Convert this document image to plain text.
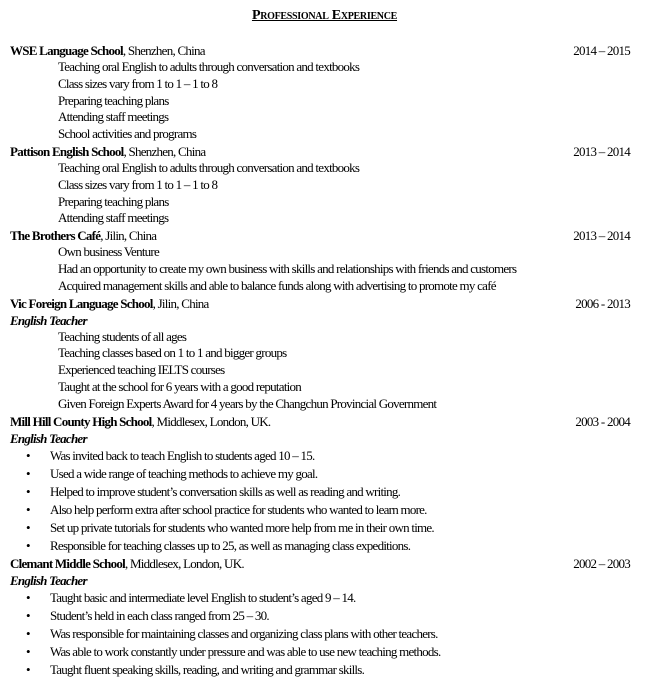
Professional Experience
WSE Language School, Shenzhen, China	2014 – 2015
Teaching oral English to adults through conversation and textbooks
Class sizes vary from 1 to 1 – 1 to 8
Preparing teaching plans
Attending staff meetings
School activities and programs
Pattison English School, Shenzhen, China	2013 – 2014
Teaching oral English to adults through conversation and textbooks
Class sizes vary from 1 to 1 – 1 to 8
Preparing teaching plans
Attending staff meetings
The Brothers Café, Jilin, China	2013 – 2014
Own business Venture
Had an opportunity to create my own business with skills and relationships with friends and customers
Acquired management skills and able to balance funds along with advertising to promote my café
Vic Foreign Language School, Jilin, China	2006 - 2013
English Teacher
Teaching students of all ages
Teaching classes based on 1 to 1 and bigger groups
Experienced teaching IELTS courses
Taught at the school for 6 years with a good reputation
Given Foreign Experts Award for 4 years by the Changchun Provincial Government
Mill Hill County High School, Middlesex, London, UK.	2003 - 2004
English Teacher
• Was invited back to teach English to students aged 10 – 15.
• Used a wide range of teaching methods to achieve my goal.
• Helped to improve student’s conversation skills as well as reading and writing.
• Also help perform extra after school practice for students who wanted to learn more.
• Set up private tutorials for students who wanted more help from me in their own time.
• Responsible for teaching classes up to 25, as well as managing class expeditions.
Clemant Middle School, Middlesex, London, UK.	2002 – 2003
English Teacher
• Taught basic and intermediate level English to student’s aged 9 – 14.
• Student’s held in each class ranged from 25 – 30.
• Was responsible for maintaining classes and organizing class plans with other teachers.
• Was able to work constantly under pressure and was able to use new teaching methods.
• Taught fluent speaking skills, reading, and writing and grammar skills.
